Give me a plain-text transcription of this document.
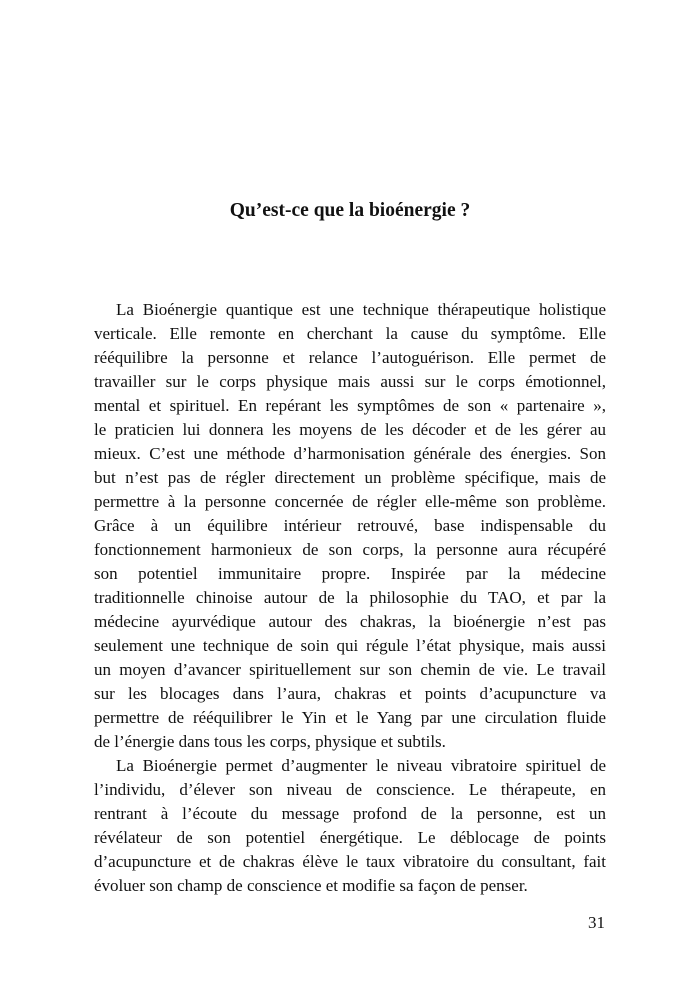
Qu’est-ce que la bioénergie ?
La Bioénergie quantique est une technique thérapeutique holistique
verticale. Elle remonte en cherchant la cause du symptôme. Elle
rééquilibre la personne et relance l’autoguérison. Elle permet de
travailler sur le corps physique mais aussi sur le corps émotionnel,
mental et spirituel. En repérant les symptômes de son « partenaire »,
le praticien lui donnera les moyens de les décoder et de les gérer au
mieux. C’est une méthode d’harmonisation générale des énergies. Son
but n’est pas de régler directement un problème spécifique, mais de
permettre à la personne concernée de régler elle-même son problème.
Grâce à un équilibre intérieur retrouvé, base indispensable du
fonctionnement harmonieux de son corps, la personne aura récupéré
son potentiel immunitaire propre. Inspirée par la médecine
traditionnelle chinoise autour de la philosophie du TAO, et par la
médecine ayurvédique autour des chakras, la bioénergie n’est pas
seulement une technique de soin qui régule l’état physique, mais aussi
un moyen d’avancer spirituellement sur son chemin de vie. Le travail
sur les blocages dans l’aura, chakras et points d’acupuncture va
permettre de rééquilibrer le Yin et le Yang par une circulation fluide
de l’énergie dans tous les corps, physique et subtils.
La Bioénergie permet d’augmenter le niveau vibratoire spirituel de
l’individu, d’élever son niveau de conscience. Le thérapeute, en
rentrant à l’écoute du message profond de la personne, est un
révélateur de son potentiel énergétique. Le déblocage de points
d’acupuncture et de chakras élève le taux vibratoire du consultant, fait
évoluer son champ de conscience et modifie sa façon de penser.
31
